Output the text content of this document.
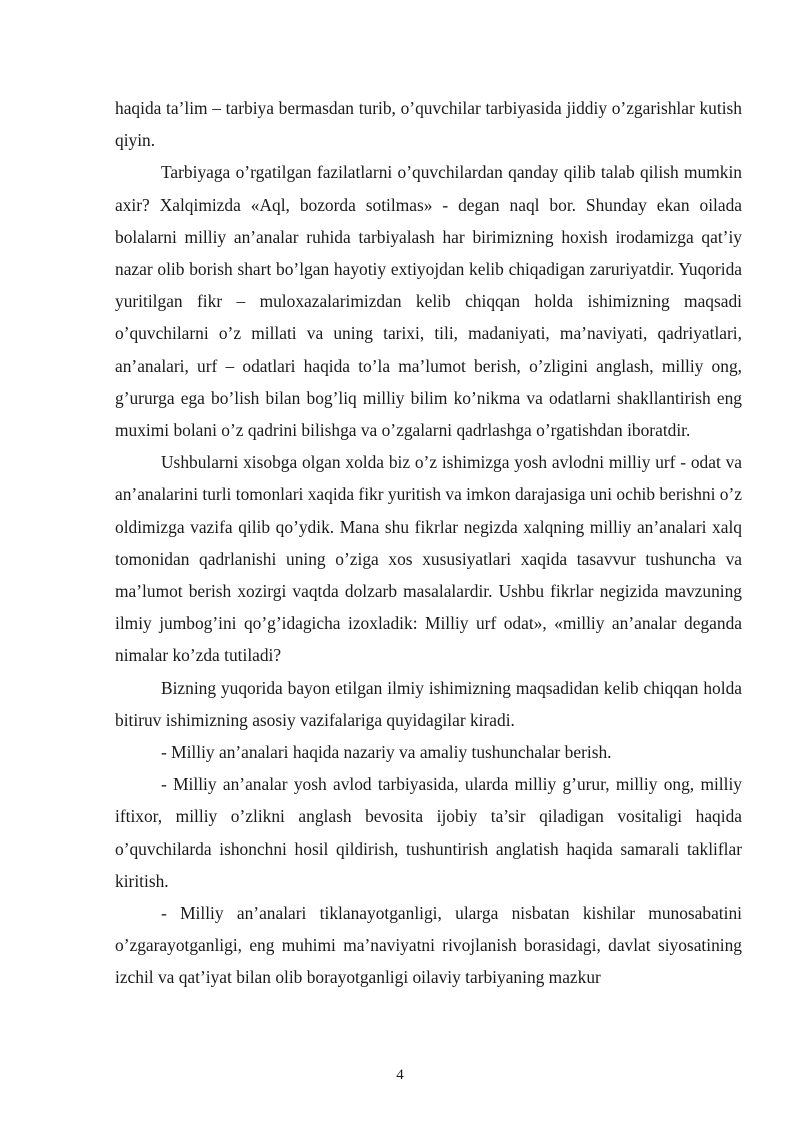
haqida ta’lim – tarbiya bermasdan turib, o’quvchilar tarbiyasida jiddiy o’zgarishlar kutish qiyin.

Tarbiyaga o’rgatilgan fazilatlarni o’quvchilardan qanday qilib talab qilish mumkin axir? Xalqimizda «Aql, bozorda sotilmas» - degan naql bor. Shunday ekan oilada bolalarni milliy an’analar ruhida tarbiyalash har birimizning hoxish irodamizga qat’iy nazar olib borish shart bo’lgan hayotiy extiyojdan kelib chiqadigan zaruriyatdir. Yuqorida yuritilgan fikr – muloxazalarimizdan kelib chiqqan holda ishimizning maqsadi o’quvchilarni o’z millati va uning tarixi, tili, madaniyati, ma’naviyati, qadriyatlari, an’analari, urf – odatlari haqida to’la ma’lumot berish, o’zligini anglash, milliy ong, g’ururga ega bo’lish bilan bog’liq milliy bilim ko’nikma va odatlarni shakllantirish eng muximi bolani o’z qadrini bilishga va o’zgalarni qadrlashga o’rgatishdan iboratdir.

Ushbularni xisobga olgan xolda biz o’z ishimizga yosh avlodni milliy urf - odat va an’analarini turli tomonlari xaqida fikr yuritish va imkon darajasiga uni ochib berishni o’z oldimizga vazifa qilib qo’ydik. Mana shu fikrlar negizda xalqning milliy an’analari xalq tomonidan qadrlanishi uning o’ziga xos xususiyatlari xaqida tasavvur tushuncha va ma’lumot berish xozirgi vaqtda dolzarb masalalardir. Ushbu fikrlar negizida mavzuning ilmiy jumbog’ini qo’g’idagicha izoxladik: Milliy urf odat», «milliy an’analar deganda nimalar ko’zda tutiladi?

Bizning yuqorida bayon etilgan ilmiy ishimizning maqsadidan kelib chiqqan holda bitiruv ishimizning asosiy vazifalariga quyidagilar kiradi.

- Milliy an’analari haqida nazariy va amaliy tushunchalar berish.

- Milliy an’analar yosh avlod tarbiyasida, ularda milliy g’urur, milliy ong, milliy iftixor, milliy o’zlikni anglash bevosita ijobiy ta’sir qiladigan vositaligi haqida o’quvchilarda ishonchni hosil qildirish, tushuntirish anglatish haqida samarali takliflar kiritish.

- Milliy an’analari tiklanayotganligi, ularga nisbatan kishilar munosabatini o’zgarayotganligi, eng muhimi ma’naviyatni rivojlanish borasidagi, davlat siyosatining izchil va qat’iyat bilan olib borayotganligi oilaviy tarbiyaning mazkur

4
